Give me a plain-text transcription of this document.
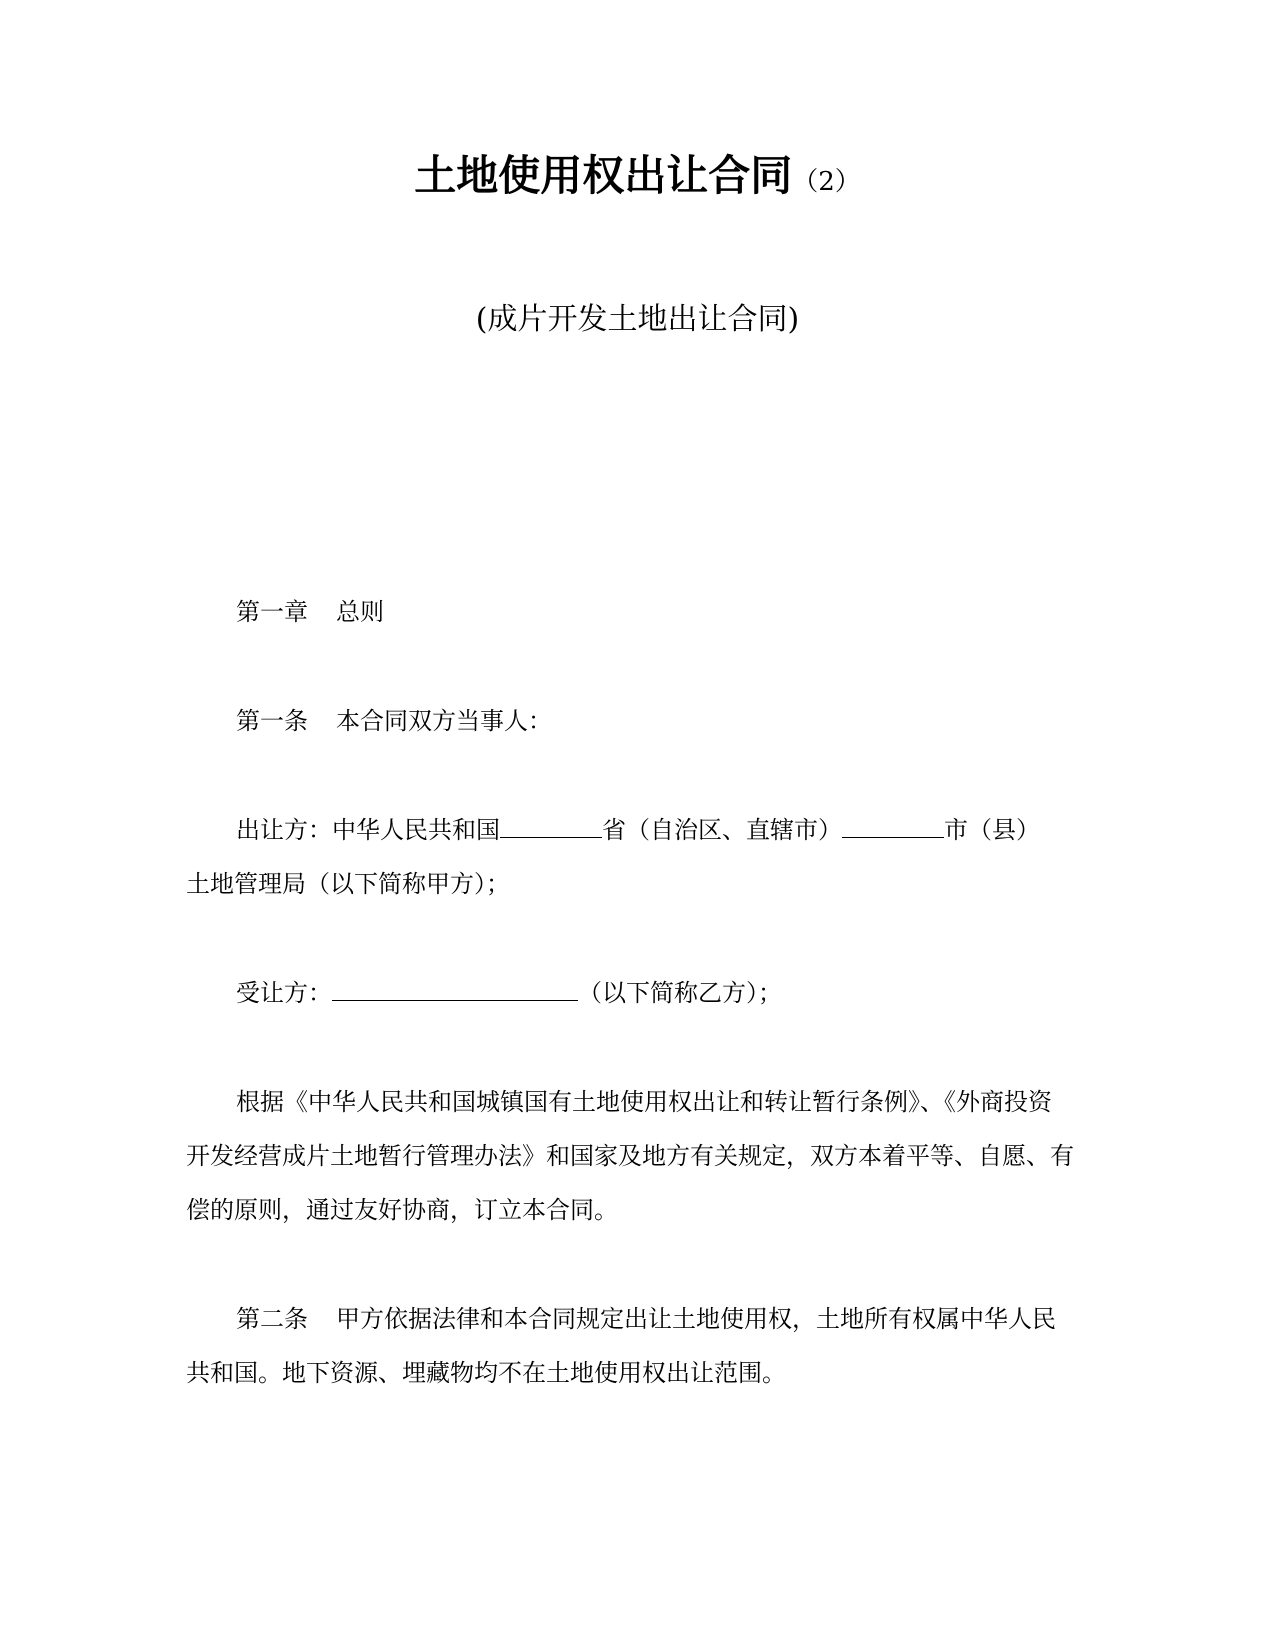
土地使用权出让合同（2）
(成片开发土地出让合同)
第一章 总则
第一条 本合同双方当事人：
出让方：中华人民共和国	省（自治区、直辖市）	市（县）
土地管理局（以下简称甲方）；
受让方：	（以下简称乙方）；
根据《中华人民共和国城镇国有土地使用权出让和转让暂行条例》、《外商投资
开发经营成片土地暂行管理办法》和国家及地方有关规定，双方本着平等、自愿、有
偿的原则，通过友好协商，订立本合同。
第二条 甲方依据法律和本合同规定出让土地使用权，土地所有权属中华人民
共和国。地下资源、埋藏物均不在土地使用权出让范围。
